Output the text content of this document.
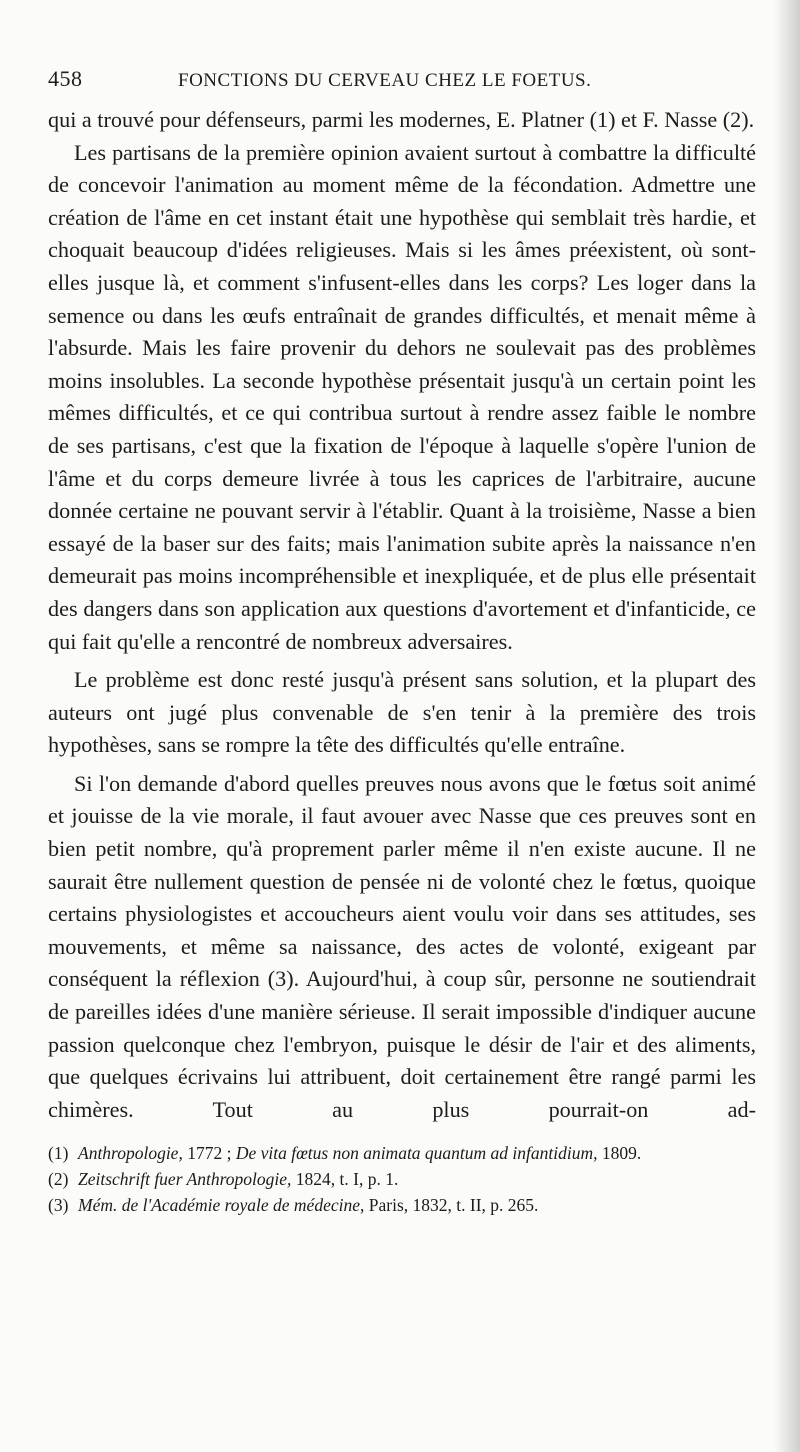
458	FONCTIONS DU CERVEAU CHEZ LE FOETUS.

qui a trouvé pour défenseurs, parmi les modernes, E. Platner (1) et F. Nasse (2).

Les partisans de la première opinion avaient surtout à combattre la difficulté de concevoir l'animation au moment même de la fécondation. Admettre une création de l'âme en cet instant était une hypothèse qui semblait très hardie, et choquait beaucoup d'idées religieuses. Mais si les âmes préexistent, où sont-elles jusque là, et comment s'infusent-elles dans les corps? Les loger dans la semence ou dans les œufs entraînait de grandes difficultés, et menait même à l'absurde. Mais les faire provenir du dehors ne soulevait pas des problèmes moins insolubles. La seconde hypothèse présentait jusqu'à un certain point les mêmes difficultés, et ce qui contribua surtout à rendre assez faible le nombre de ses partisans, c'est que la fixation de l'époque à laquelle s'opère l'union de l'âme et du corps demeure livrée à tous les caprices de l'arbitraire, aucune donnée certaine ne pouvant servir à l'établir. Quant à la troisième, Nasse a bien essayé de la baser sur des faits; mais l'animation subite après la naissance n'en demeurait pas moins incompréhensible et inexpliquée, et de plus elle présentait des dangers dans son application aux questions d'avortement et d'infanticide, ce qui fait qu'elle a rencontré de nombreux adversaires.

Le problème est donc resté jusqu'à présent sans solution, et la plupart des auteurs ont jugé plus convenable de s'en tenir à la première des trois hypothèses, sans se rompre la tête des difficultés qu'elle entraîne.

Si l'on demande d'abord quelles preuves nous avons que le fœtus soit animé et jouisse de la vie morale, il faut avouer avec Nasse que ces preuves sont en bien petit nombre, qu'à proprement parler même il n'en existe aucune. Il ne saurait être nullement question de pensée ni de volonté chez le fœtus, quoique certains physiologistes et accoucheurs aient voulu voir dans ses attitudes, ses mouvements, et même sa naissance, des actes de volonté, exigeant par conséquent la réflexion (3). Aujourd'hui, à coup sûr, personne ne soutiendrait de pareilles idées d'une manière sérieuse. Il serait impossible d'indiquer aucune passion quelconque chez l'embryon, puisque le désir de l'air et des aliments, que quelques écrivains lui attribuent, doit certainement être rangé parmi les chimères. Tout au plus pourrait-on ad-

(1) Anthropologie, 1772 ; De vita fœtus non animata quantum ad infantidium, 1809.

(2) Zeitschrift fuer Anthropologie, 1824, t. I, p. 1.

(3) Mém. de l'Académie royale de médecine, Paris, 1832, t. II, p. 265.
